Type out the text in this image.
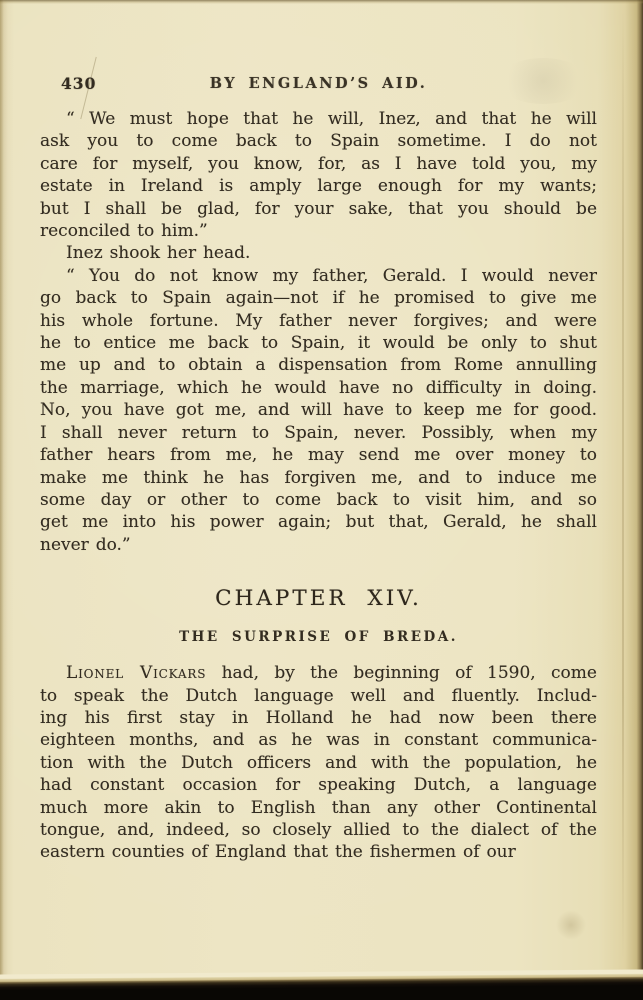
430	BY ENGLAND’S AID.
“ We must hope that he will, Inez, and that he will
ask you to come back to Spain sometime. I do not
care for myself, you know, for, as I have told you, my
estate in Ireland is amply large enough for my wants;
but I shall be glad, for your sake, that you should be
reconciled to him.”
Inez shook her head.
“ You do not know my father, Gerald. I would never
go back to Spain again—not if he promised to give me
his whole fortune. My father never forgives; and were
he to entice me back to Spain, it would be only to shut
me up and to obtain a dispensation from Rome annulling
the marriage, which he would have no difficulty in doing.
No, you have got me, and will have to keep me for good.
I shall never return to Spain, never. Possibly, when my
father hears from me, he may send me over money to
make me think he has forgiven me, and to induce me
some day or other to come back to visit him, and so
get me into his power again; but that, Gerald, he shall
never do.”
CHAPTER XIV.
THE SURPRISE OF BREDA.
Lionel Vickars had, by the beginning of 1590, come
to speak the Dutch language well and fluently. Includ-
ing his first stay in Holland he had now been there
eighteen months, and as he was in constant communica-
tion with the Dutch officers and with the population, he
had constant occasion for speaking Dutch, a language
much more akin to English than any other Continental
tongue, and, indeed, so closely allied to the dialect of the
eastern counties of England that the fishermen of our
